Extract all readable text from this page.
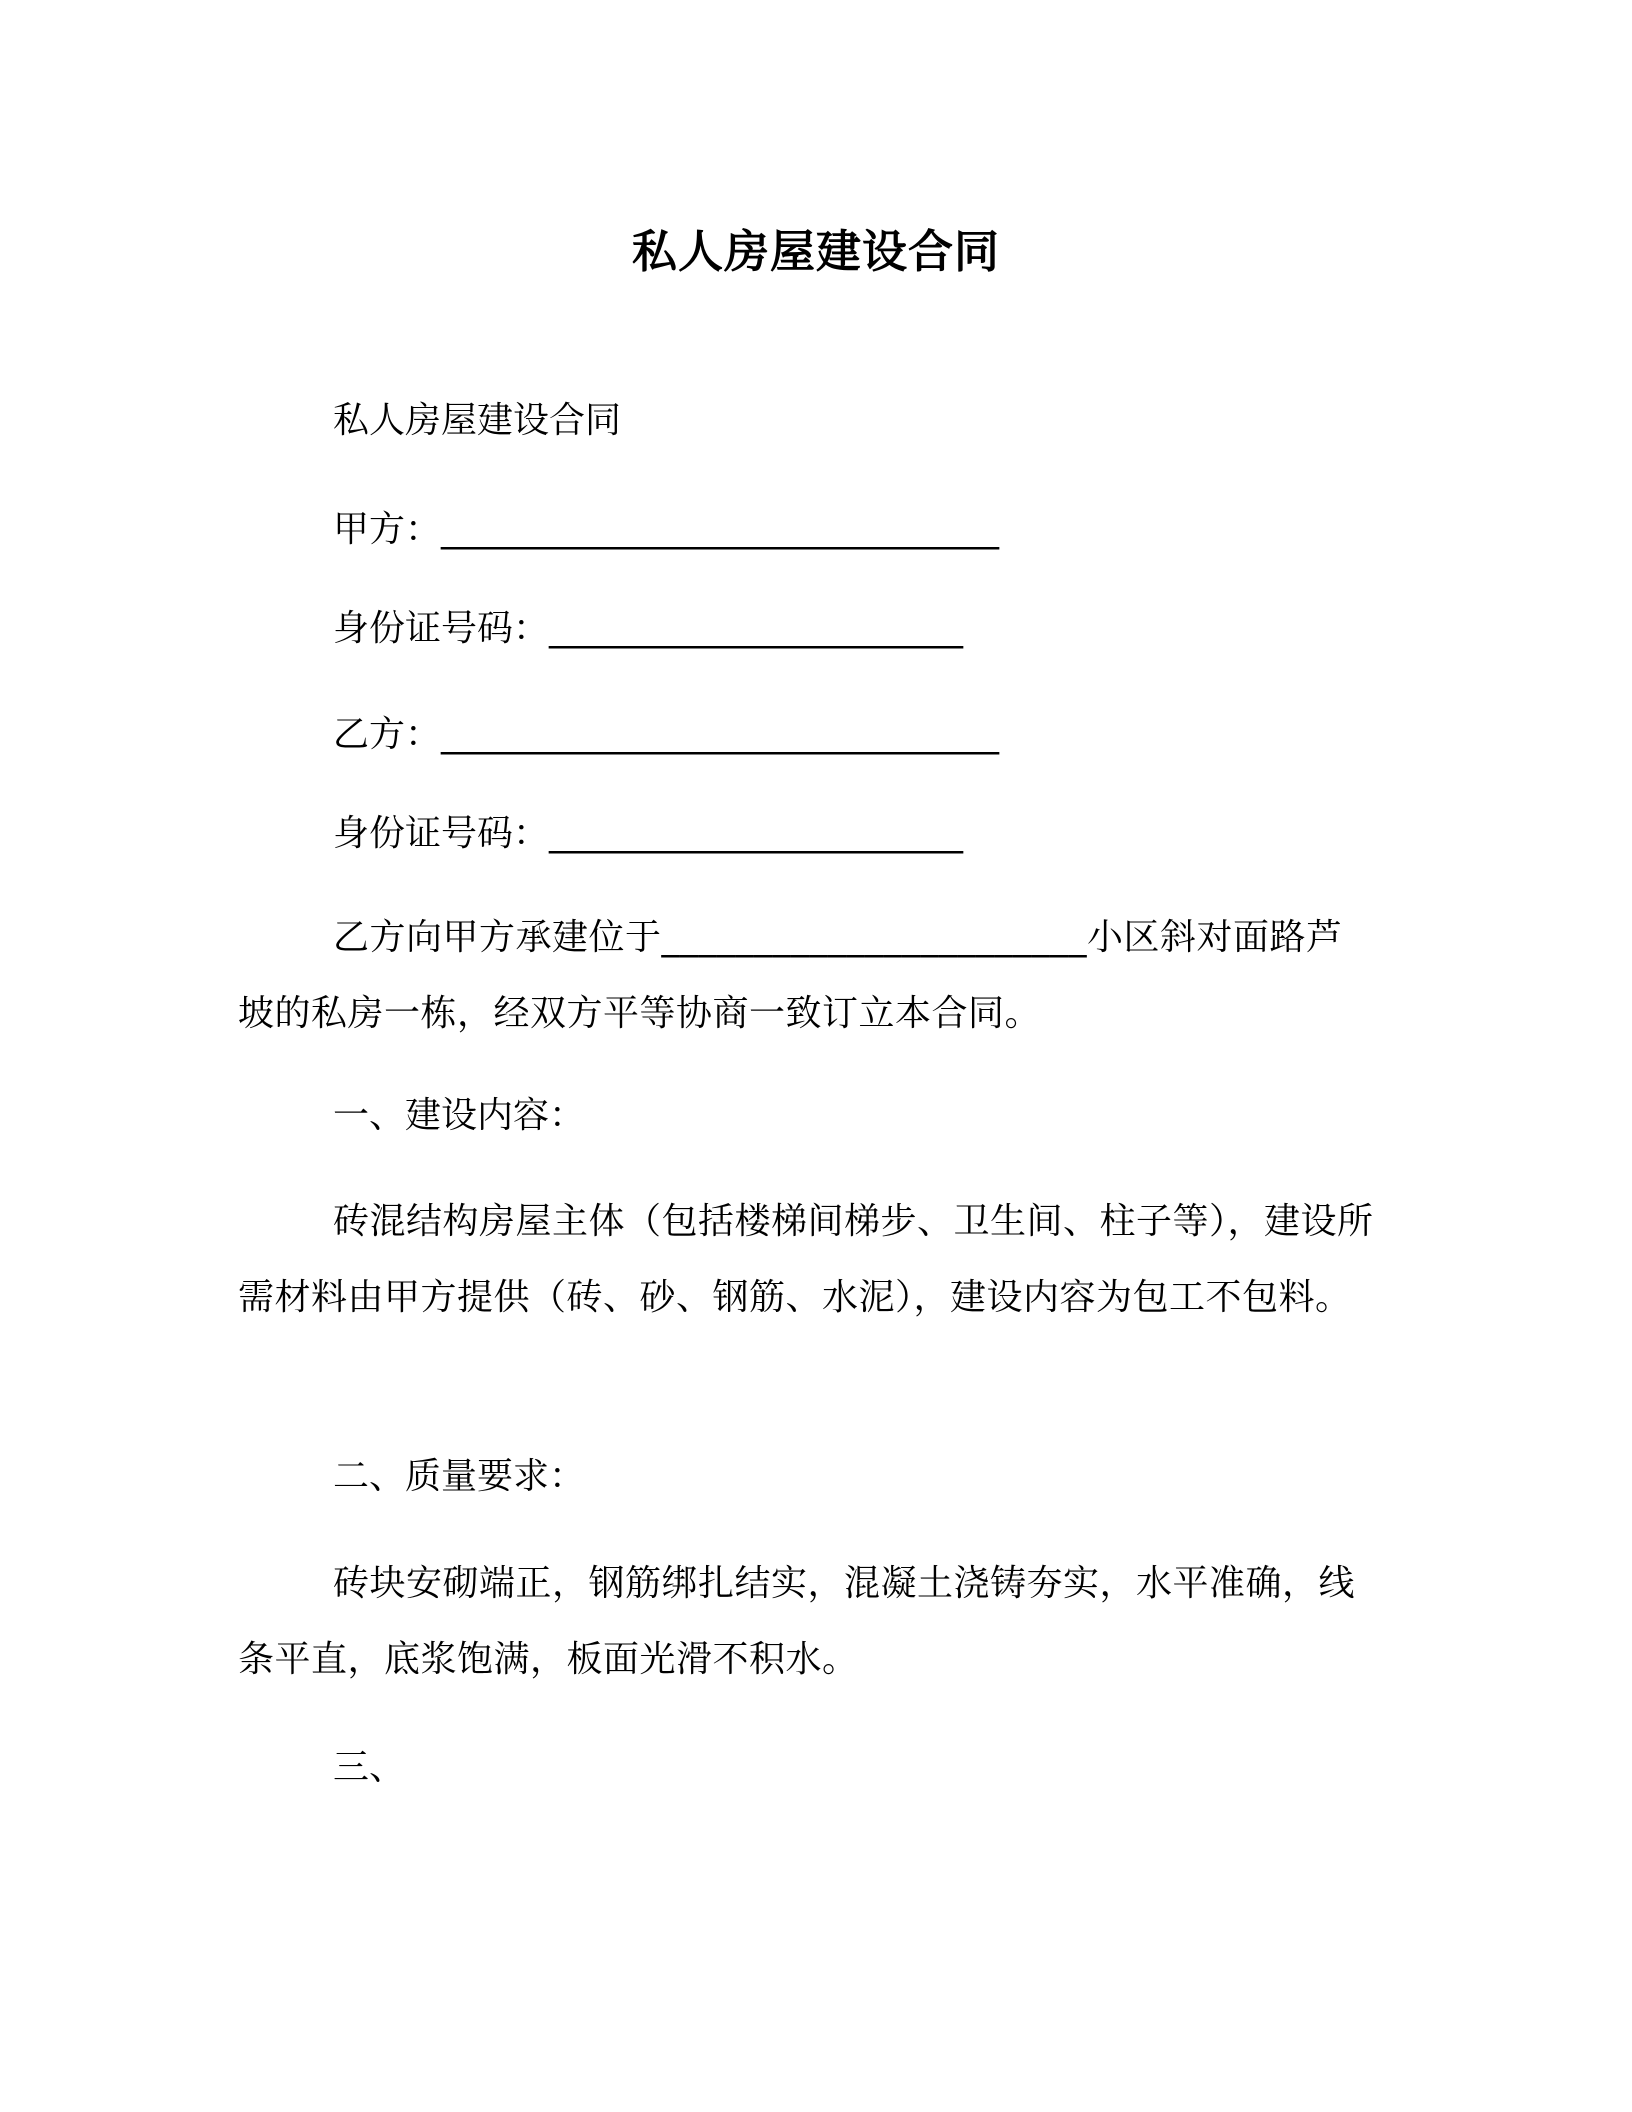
私人房屋建设合同
私人房屋建设合同
甲方：_______________________________
身份证号码：_______________________
乙方：_______________________________
身份证号码：_______________________
乙方向甲方承建位于_______________________小区斜对面路芦坡的私房一栋，经双方平等协商一致订立本合同。
一、建设内容：
砖混结构房屋主体（包括楼梯间梯步、卫生间、柱子等），建设所需材料由甲方提供（砖、砂、钢筋、水泥），建设内容为包工不包料。
二、质量要求：
砖块安砌端正，钢筋绑扎结实，混凝土浇铸夯实，水平准确，线条平直，底浆饱满，板面光滑不积水。
三、
